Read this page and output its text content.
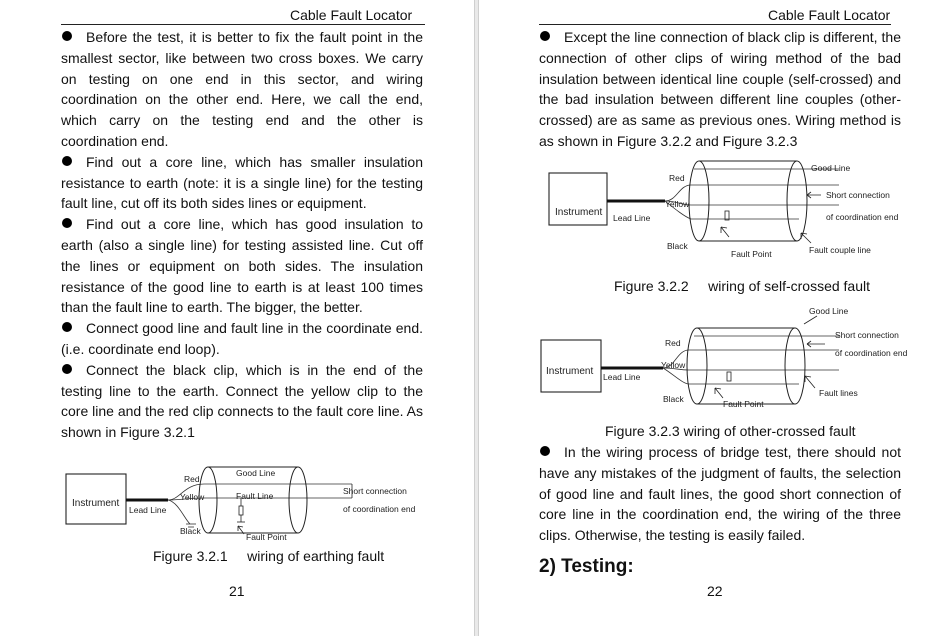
Cable Fault Locator

Before the test, it is better to fix the fault point in the smallest sector, like between two cross boxes. We carry on testing on one end in this sector, and wiring coordination on the other end. Here, we call the end, which carry on the testing end and the other is coordination end.

Find out a core line, which has smaller insulation resistance to earth (note: it is a single line) for the testing fault line, cut off its both sides lines or equipment.

Find out a core line, which has good insulation to earth (also a single line) for testing assisted line. Cut off the lines or equipment on both sides. The insulation resistance of the good line to earth is at least 100 times than the fault line to earth. The bigger, the better.

Connect good line and fault line in the coordinate end. (i.e. coordinate end loop).

Connect the black clip, which is in the end of the testing line to the earth. Connect the yellow clip to the core line and the red clip connects to the fault core line. As shown in Figure 3.2.1

Instrument
Lead Line
Red
Yellow
Black
Good Line
Fault Line
Fault Point
Short connection
of coordination end
Figure 3.2.1     wiring of earthing fault
21
Cable Fault Locator

Except the line connection of black clip is different, the connection of other clips of wiring method of the bad insulation between identical line couple (self-crossed) and the bad insulation between different line couples (other-crossed) are as same as previous ones. Wiring method is as shown in Figure 3.2.2 and Figure 3.2.3

Instrument Lead Line
Red
Yellow
Black
Fault Point
Good Line
Short connection
of coordination end
Fault couple line
Figure 3.2.2     wiring of self-crossed fault
Instrument Lead Line
Red
Yellow
Black	Fault Point
Good Line
Short connection
of coordination end
Fault lines
Figure 3.2.3 wiring of other-crossed fault

In the wiring process of bridge test, there should not have any mistakes of the judgment of faults, the selection of good line and fault lines, the good short connection of core line in the coordination end, the wiring of the three clips. Otherwise, the testing is easily failed.

2) Testing:
22
